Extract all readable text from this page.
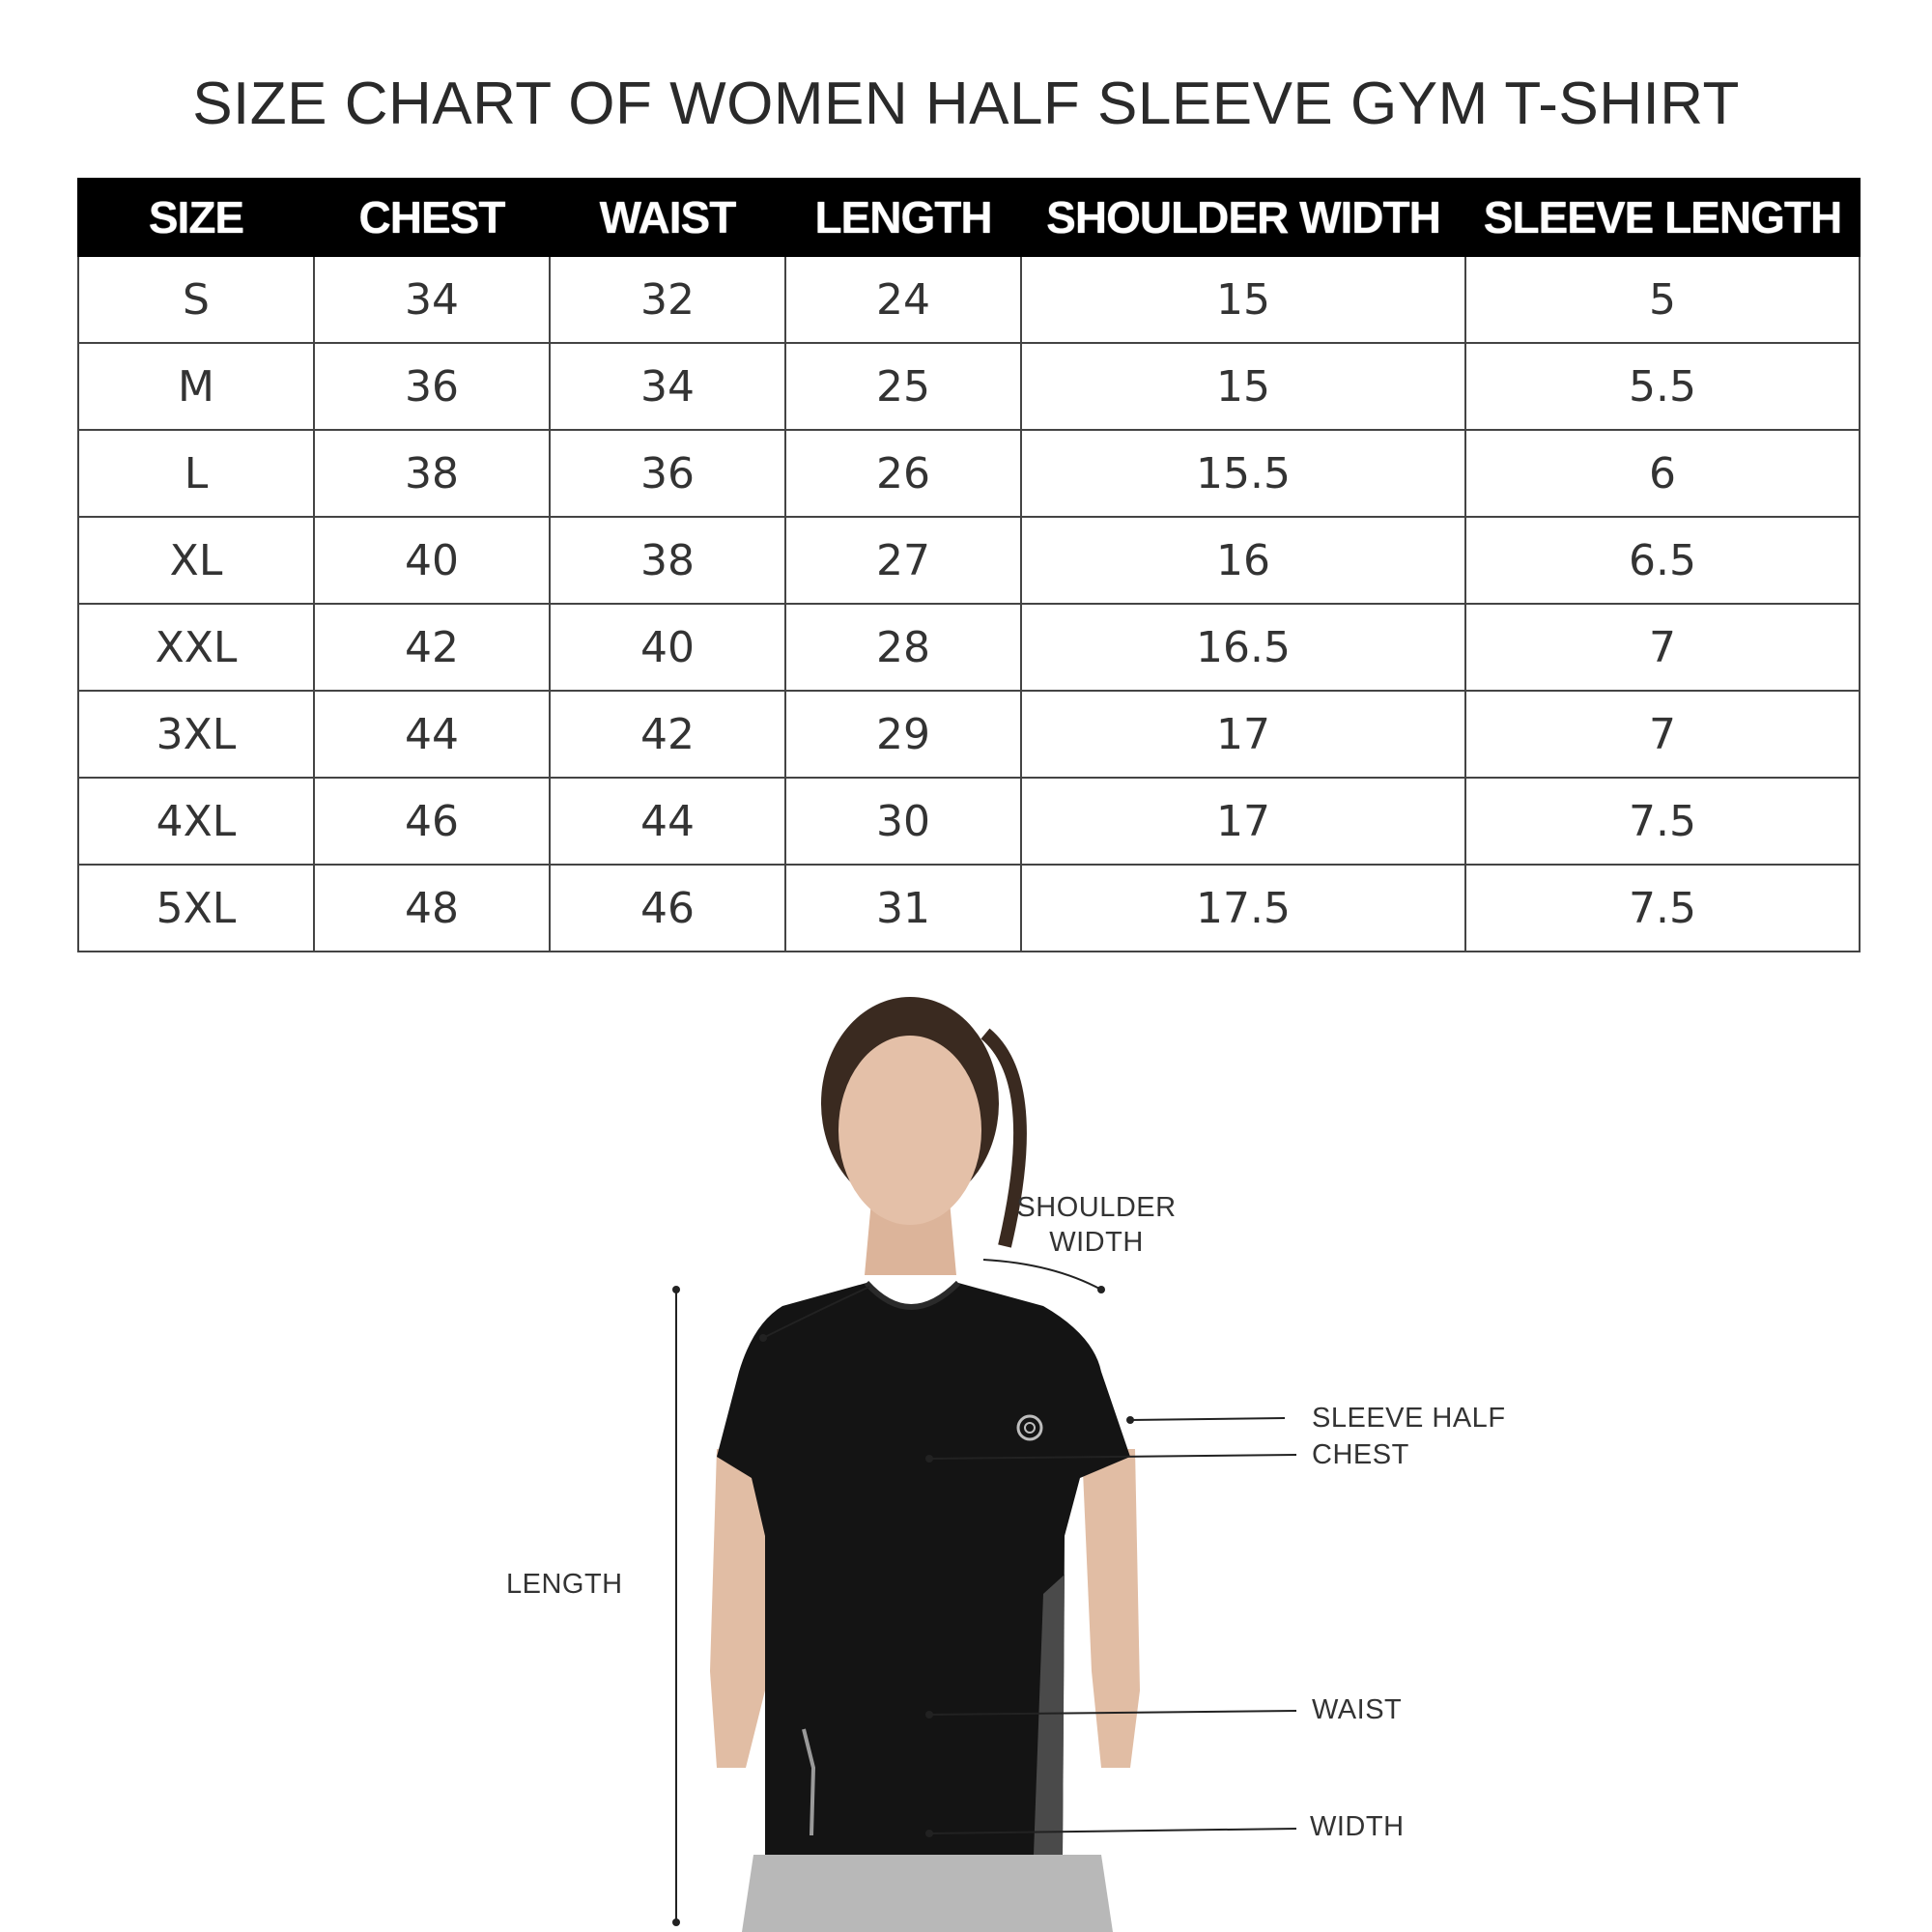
SIZE CHART OF WOMEN HALF SLEEVE GYM T-SHIRT
SIZE	CHEST	WAIST	LENGTH	SHOULDER WIDTH	SLEEVE LENGTH
S	34	32	24	15	5
M	36	34	25	15	5.5
L	38	36	26	15.5	6
XL	40	38	27	16	6.5
XXL	42	40	28	16.5	7
3XL	44	42	29	17	7
4XL	46	44	30	17	7.5
5XL	48	46	31	17.5	7.5
SHOULDER
WIDTH
SLEEVE HALF
CHEST
LENGTH
WAIST
WIDTH
